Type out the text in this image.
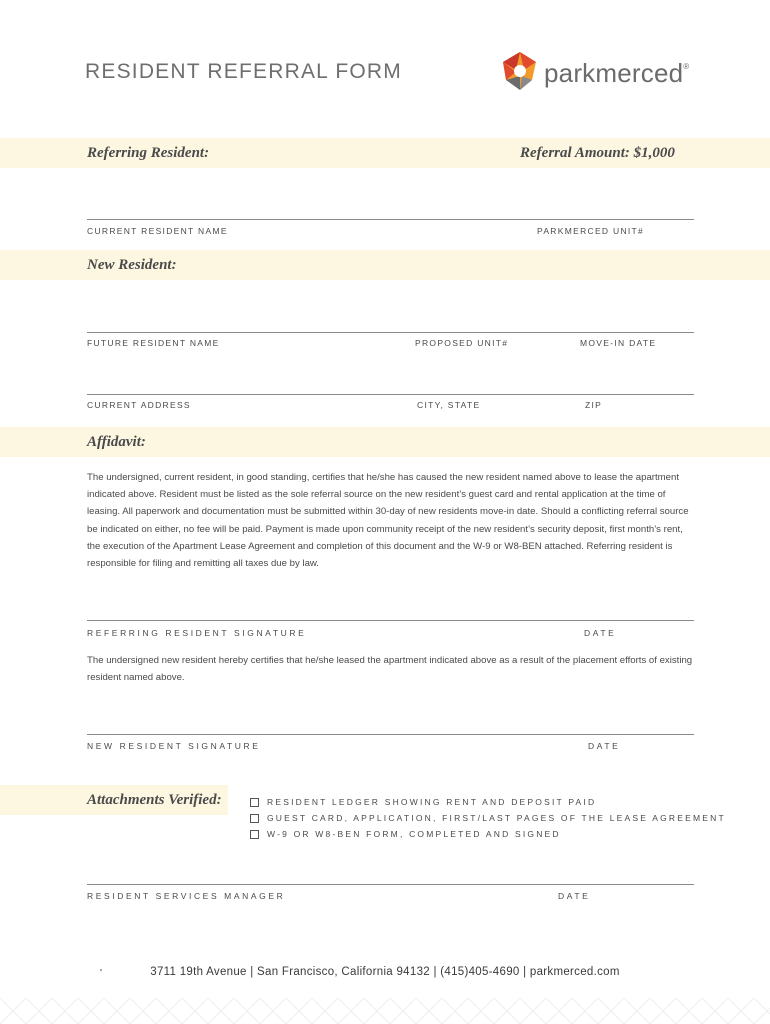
RESIDENT REFERRAL FORM	parkmerced®
Referring Resident:	Referral Amount: $1,000
CURRENT RESIDENT NAME	PARKMERCED UNIT#
New Resident:
FUTURE RESIDENT NAME	PROPOSED UNIT#	MOVE-IN DATE
CURRENT ADDRESS	CITY, STATE	ZIP
Affidavit:
The undersigned, current resident, in good standing, certifies that he/she has caused the new resident named above to lease the apartment indicated above. Resident must be listed as the sole referral source on the new resident’s guest card and rental application at the time of leasing. All paperwork and documentation must be submitted within 30-day of new residents move-in date. Should a conflicting referral source be indicated on either, no fee will be paid. Payment is made upon community receipt of the new resident’s security deposit, first month’s rent, the execution of the Apartment Lease Agreement and completion of this document and the W-9 or W8-BEN attached. Referring resident is responsible for filing and remitting all taxes due by law.
REFERRING RESIDENT SIGNATURE	DATE
The undersigned new resident hereby certifies that he/she leased the apartment indicated above as a result of the placement efforts of existing resident named above.
NEW RESIDENT SIGNATURE	DATE
Attachments Verified:	RESIDENT LEDGER SHOWING RENT AND DEPOSIT PAID
GUEST CARD, APPLICATION, FIRST/LAST PAGES OF THE LEASE AGREEMENT
W-9 OR W8-BEN FORM, COMPLETED AND SIGNED
RESIDENT SERVICES MANAGER	DATE
'	3711 19th Avenue | San Francisco, California 94132 | (415)405-4690 | parkmerced.com
